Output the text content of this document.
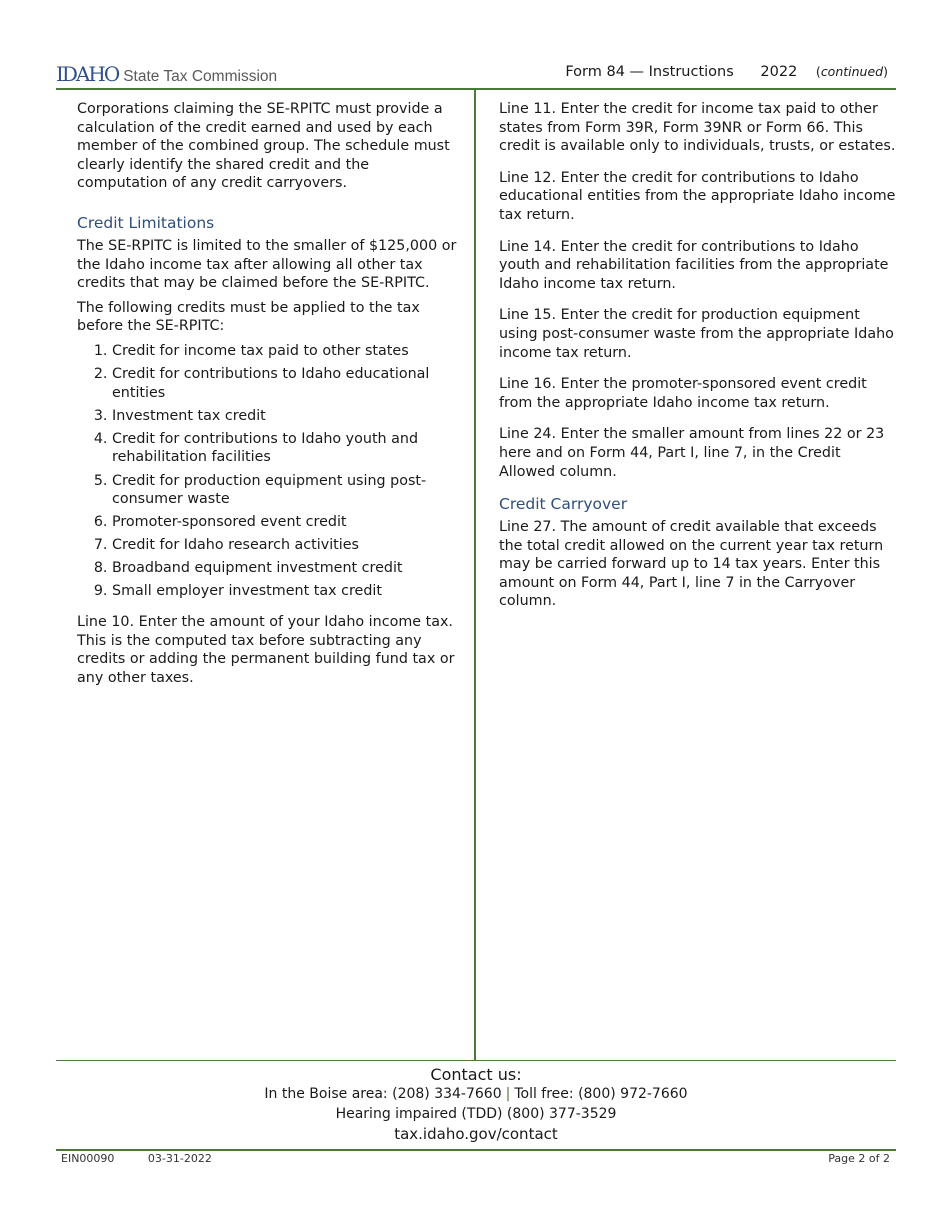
IDAHO State Tax Commission	Form 84 — Instructions 2022 (continued)

Corporations claiming the SE-RPITC must provide a calculation of the credit earned and used by each member of the combined group. The schedule must clearly identify the shared credit and the computation of any credit carryovers.

Credit Limitations

The SE-RPITC is limited to the smaller of $125,000 or the Idaho income tax after allowing all other tax credits that may be claimed before the SE-RPITC.

The following credits must be applied to the tax before the SE-RPITC:

1. Credit for income tax paid to other states
2. Credit for contributions to Idaho educational entities
3. Investment tax credit
4. Credit for contributions to Idaho youth and rehabilitation facilities
5. Credit for production equipment using post-consumer waste
6. Promoter-sponsored event credit
7. Credit for Idaho research activities
8. Broadband equipment investment credit
9. Small employer investment tax credit

Line 10. Enter the amount of your Idaho income tax. This is the computed tax before subtracting any credits or adding the permanent building fund tax or any other taxes.

Line 11. Enter the credit for income tax paid to other states from Form 39R, Form 39NR or Form 66. This credit is available only to individuals, trusts, or estates.

Line 12. Enter the credit for contributions to Idaho educational entities from the appropriate Idaho income tax return.

Line 14. Enter the credit for contributions to Idaho youth and rehabilitation facilities from the appropriate Idaho income tax return.

Line 15. Enter the credit for production equipment using post-consumer waste from the appropriate Idaho income tax return.

Line 16. Enter the promoter-sponsored event credit from the appropriate Idaho income tax return.

Line 24. Enter the smaller amount from lines 22 or 23 here and on Form 44, Part I, line 7, in the Credit Allowed column.

Credit Carryover

Line 27. The amount of credit available that exceeds the total credit allowed on the current year tax return may be carried forward up to 14 tax years. Enter this amount on Form 44, Part I, line 7 in the Carryover column.

Contact us:
In the Boise area: (208) 334-7660 | Toll free: (800) 972-7660
Hearing impaired (TDD) (800) 377-3529
tax.idaho.gov/contact
EIN00090	03-31-2022	Page 2 of 2
